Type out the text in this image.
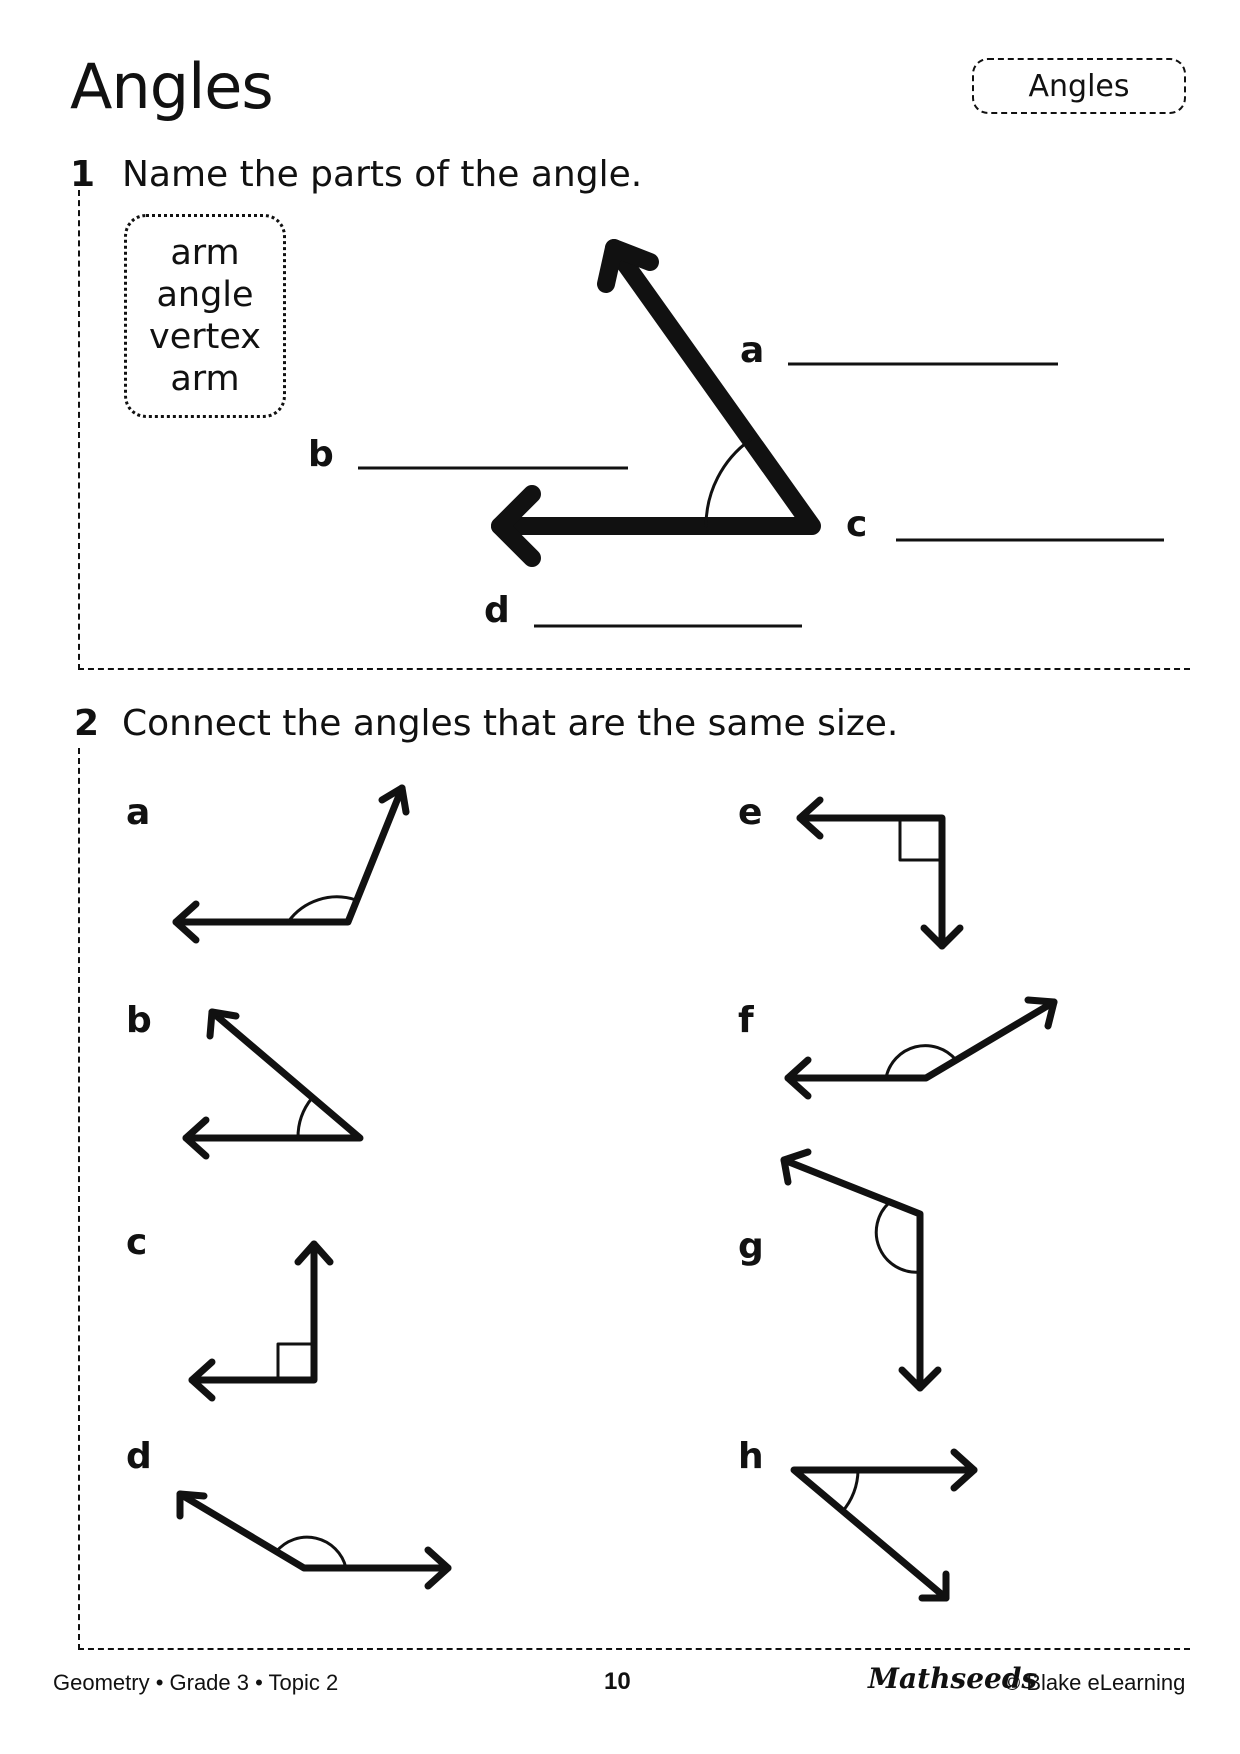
Angles	Angles
1 Name the parts of the angle.
arm
angle
vertex
arm
a
b
c
d
2 Connect the angles that are the same size.
a
b
c
d
e
f
g
h
Geometry • Grade 3 • Topic 2	10	Mathseeds
© Blake eLearning
